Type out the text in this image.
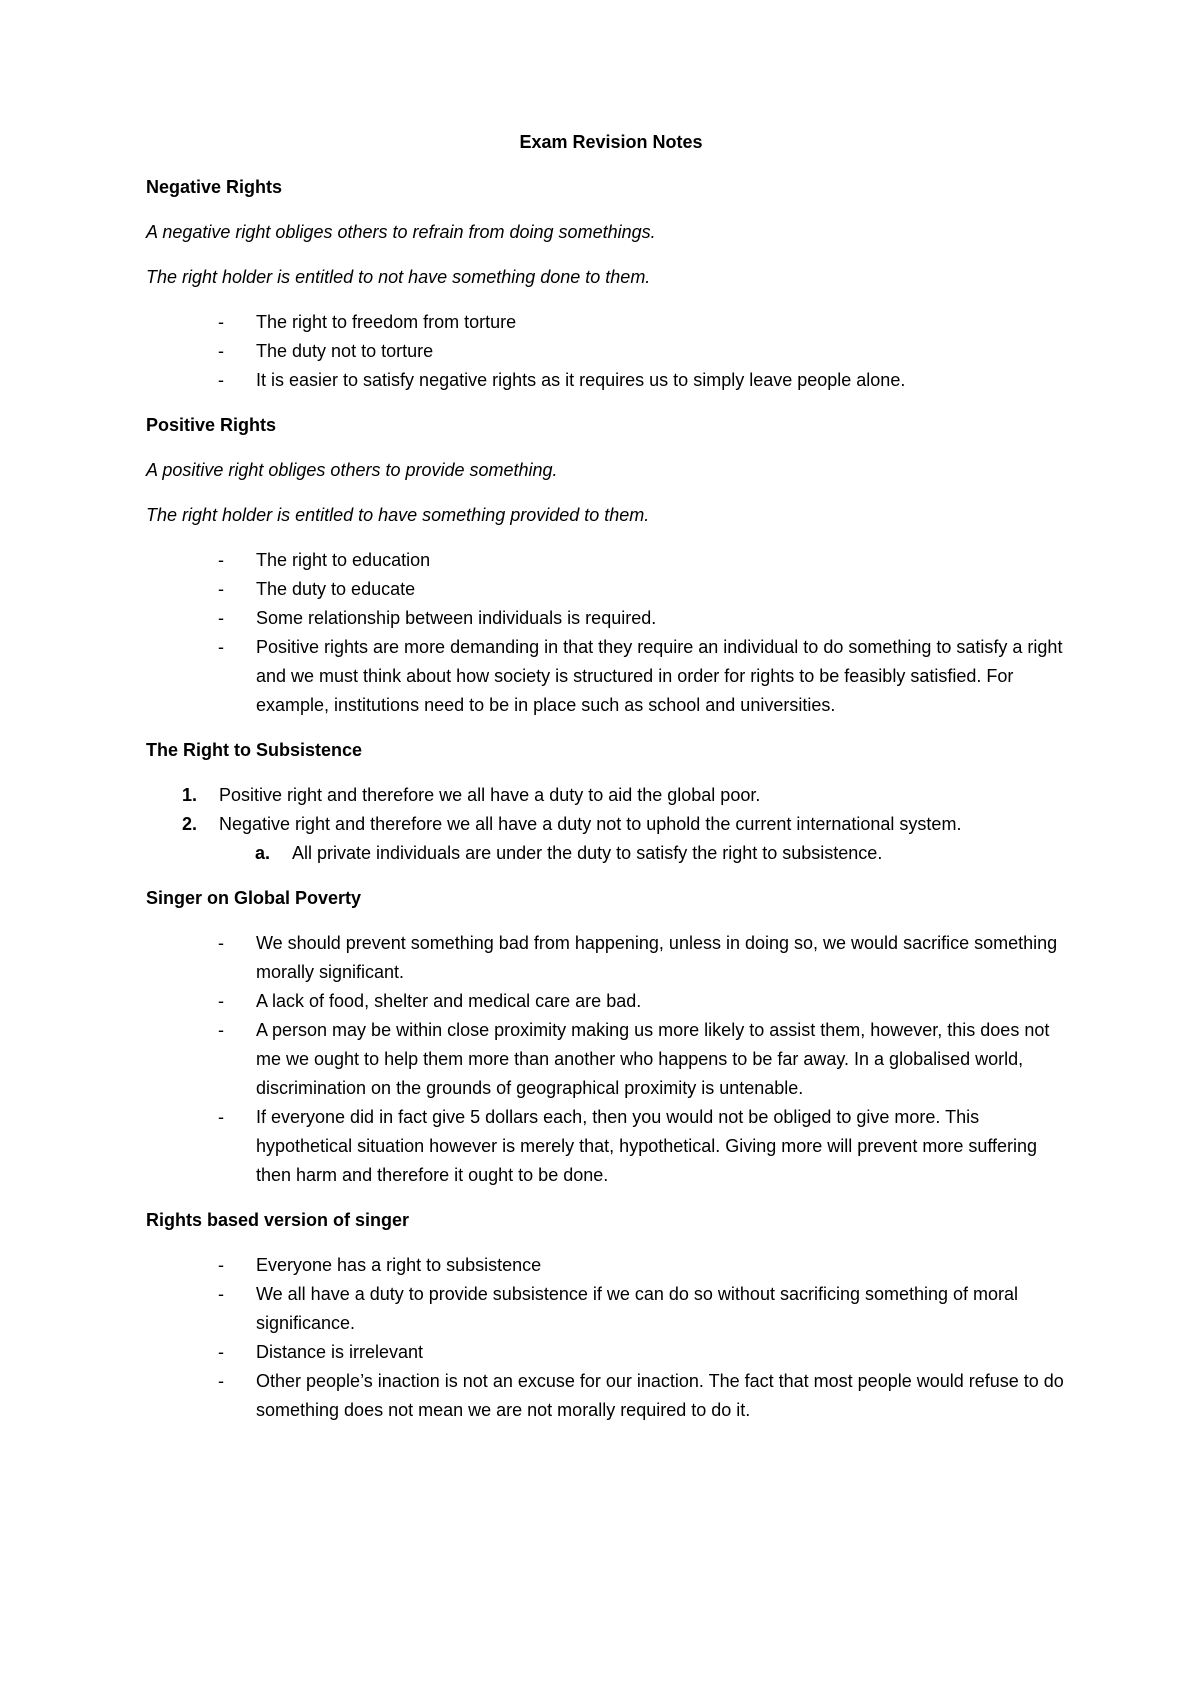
Exam Revision Notes
Negative Rights
A negative right obliges others to refrain from doing somethings.
The right holder is entitled to not have something done to them.
- The right to freedom from torture
- The duty not to torture
- It is easier to satisfy negative rights as it requires us to simply leave people alone.
Positive Rights
A positive right obliges others to provide something.
The right holder is entitled to have something provided to them.
- The right to education
- The duty to educate
- Some relationship between individuals is required.
- Positive rights are more demanding in that they require an individual to do something to satisfy a right and we must think about how society is structured in order for rights to be feasibly satisfied. For example, institutions need to be in place such as school and universities.
The Right to Subsistence
1. Positive right and therefore we all have a duty to aid the global poor.
2. Negative right and therefore we all have a duty not to uphold the current international system.
a. All private individuals are under the duty to satisfy the right to subsistence.
Singer on Global Poverty
- We should prevent something bad from happening, unless in doing so, we would sacrifice something morally significant.
- A lack of food, shelter and medical care are bad.
- A person may be within close proximity making us more likely to assist them, however, this does not me we ought to help them more than another who happens to be far away. In a globalised world, discrimination on the grounds of geographical proximity is untenable.
- If everyone did in fact give 5 dollars each, then you would not be obliged to give more. This hypothetical situation however is merely that, hypothetical. Giving more will prevent more suffering then harm and therefore it ought to be done.
Rights based version of singer
- Everyone has a right to subsistence
- We all have a duty to provide subsistence if we can do so without sacrificing something of moral significance.
- Distance is irrelevant
- Other people’s inaction is not an excuse for our inaction. The fact that most people would refuse to do something does not mean we are not morally required to do it.
